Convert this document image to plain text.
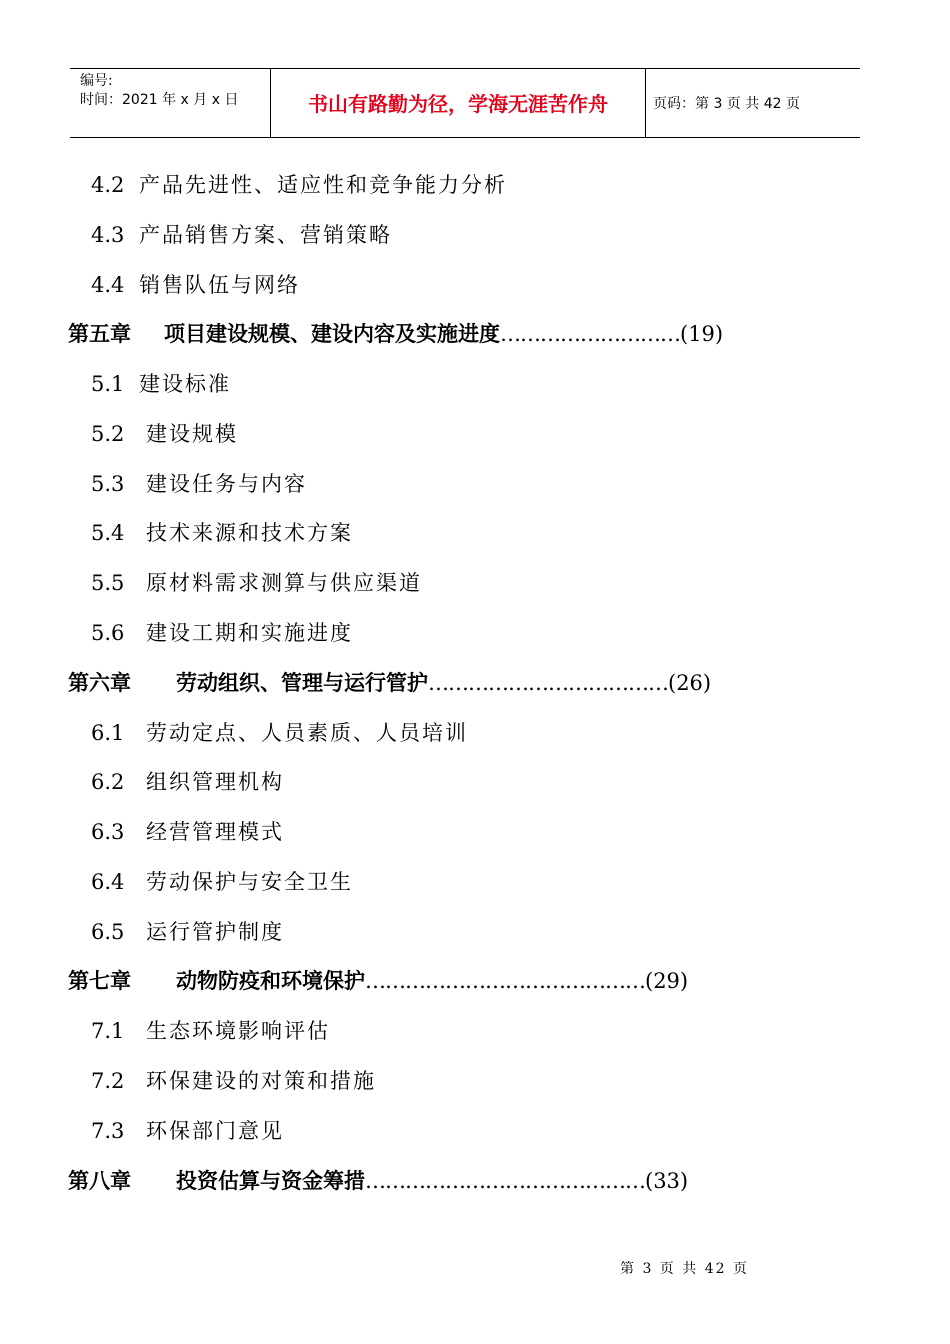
编号:
时间：2021 年 x 月 x 日	书山有路勤为径，学海无涯苦作舟	页码：第 3 页 共 42 页
4.2 产品先进性、适应性和竞争能力分析
4.3 产品销售方案、营销策略
4.4 销售队伍与网络
第五章 项目建设规模、建设内容及实施进度………………………(19)
5.1 建设标准
5.2 建设规模
5.3 建设任务与内容
5.4 技术来源和技术方案
5.5 原材料需求测算与供应渠道
5.6 建设工期和实施进度
第六章 劳动组织、管理与运行管护………………………………(26)
6.1 劳动定点、人员素质、人员培训
6.2 组织管理机构
6.3 经营管理模式
6.4 劳动保护与安全卫生
6.5 运行管护制度
第七章 动物防疫和环境保护……………………………………(29)
7.1 生态环境影响评估
7.2 环保建设的对策和措施
7.3 环保部门意见
第八章 投资估算与资金筹措……………………………………(33)
第 3 页 共 42 页
